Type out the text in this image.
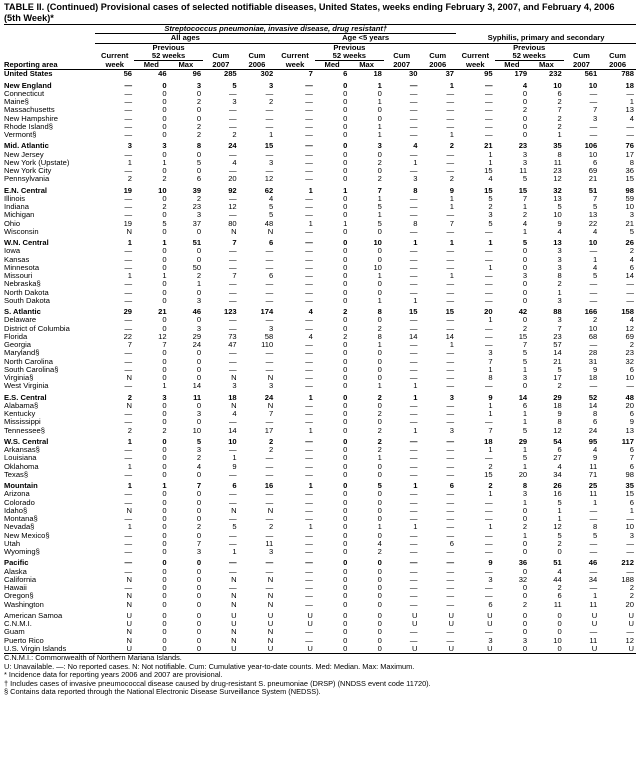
TABLE II. (Continued) Provisional cases of selected notifiable diseases, United States, weeks ending February 3, 2007, and February 4, 2006
(5th Week)*
	Streptococcus pneumoniae, invasive disease, drug resistant†														
	All ages					Age <5 years					Syphilis, primary and secondary				
		Previous					Previous					Previous			
	Current	52 weeks		Cum	Cum	Current	52 weeks		Cum	Cum	Current	52 weeks		Cum	Cum
Reporting area	week	Med	Max	2007	2006	week	Med	Max	2007	2006	week	Med	Max	2007	2006
United States	56	46	96	285	302	7	6	18	30	37	95	179	232	561	788
New England	—	0	3	5	3	—	0	1	—	1	—	4	10	10	18
Connecticut	—	0	0	—	—	—	0	0	—	—	—	0	6	—	—
Maine§	—	0	2	3	2	—	0	1	—	—	—	0	2	—	1
Massachusetts	—	0	0	—	—	—	0	0	—	—	—	2	7	7	13
New Hampshire	—	0	0	—	—	—	0	0	—	—	—	0	2	3	4
Rhode Island§	—	0	2	—	—	—	0	1	—	—	—	0	2	—	—
Vermont§	—	0	2	2	1	—	0	1	—	1	—	0	1	—	—
Mid. Atlantic	3	3	8	24	15	—	0	3	4	2	21	23	35	106	76
New Jersey	—	0	0	—	—	—	0	0	—	—	1	3	8	10	17
New York (Upstate)	1	1	5	4	3	—	0	2	1	—	1	3	11	6	8
New York City	—	0	0	—	—	—	0	0	—	—	15	11	23	69	36
Pennsylvania	2	2	6	20	12	—	0	2	3	2	4	5	12	21	15
E.N. Central	19	10	39	92	62	1	1	7	8	9	15	15	32	51	98
Illinois	—	0	2	—	4	—	0	1	—	1	5	7	13	7	59
Indiana	—	2	23	12	5	—	0	5	—	1	2	1	5	5	10
Michigan	—	0	3	—	5	—	0	1	—	—	3	2	10	13	3
Ohio	19	5	37	80	48	1	1	5	8	7	5	4	9	22	21
Wisconsin	N	0	0	N	N	—	0	0	—	—	—	1	4	4	5
W.N. Central	1	1	51	7	6	—	0	10	1	1	1	5	13	10	26
Iowa	—	0	0	—	—	—	0	0	—	—	—	0	3	—	2
Kansas	—	0	0	—	—	—	0	0	—	—	—	0	3	1	4
Minnesota	—	0	50	—	—	—	0	10	—	—	1	0	3	4	6
Missouri	1	1	2	7	6	—	0	1	—	1	—	3	8	5	14
Nebraska§	—	0	1	—	—	—	0	0	—	—	—	0	2	—	—
North Dakota	—	0	0	—	—	—	0	0	—	—	—	0	1	—	—
South Dakota	—	0	3	—	—	—	0	1	1	—	—	0	3	—	—
S. Atlantic	29	21	46	123	174	4	2	8	15	15	20	42	88	166	158
Delaware	—	0	0	—	—	—	0	0	—	—	1	0	3	2	4
District of Columbia	—	0	3	—	3	—	0	2	—	—	—	2	7	10	12
Florida	22	12	29	73	58	4	2	8	14	14	—	15	23	68	69
Georgia	7	7	24	47	110	—	0	1	—	1	—	7	57	—	2
Maryland§	—	0	0	—	—	—	0	0	—	—	3	5	14	28	23
North Carolina	—	0	0	—	—	—	0	0	—	—	7	5	21	31	32
South Carolina§	—	0	0	—	—	—	0	0	—	—	1	1	5	9	6
Virginia§	N	0	0	N	N	—	0	0	—	—	8	3	17	18	10
West Virginia	—	1	14	3	3	—	0	1	1	—	—	0	2	—	—
E.S. Central	2	3	11	18	24	1	0	2	1	3	9	14	29	52	48
Alabama§	N	0	0	N	N	—	0	0	—	—	1	6	18	14	20
Kentucky	—	0	3	4	7	—	0	2	—	—	1	1	9	8	6
Mississippi	—	0	0	—	—	—	0	0	—	—	—	1	8	6	9
Tennessee§	2	2	10	14	17	1	0	2	1	3	7	5	12	24	13
W.S. Central	1	0	5	10	2	—	0	2	—	—	18	29	54	95	117
Arkansas§	—	0	3	—	2	—	0	2	—	—	1	1	6	4	6
Louisiana	—	0	2	1	—	—	0	1	—	—	—	5	27	9	7
Oklahoma	1	0	4	9	—	—	0	0	—	—	2	1	4	11	6
Texas§	—	0	0	—	—	—	0	0	—	—	15	20	34	71	98
Mountain	1	1	7	6	16	1	0	5	1	6	2	8	26	25	35
Arizona	—	0	0	—	—	—	0	0	—	—	1	3	16	11	15
Colorado	—	0	0	—	—	—	0	0	—	—	—	1	5	1	6
Idaho§	N	0	0	N	N	—	0	0	—	—	—	0	1	—	1
Montana§	—	0	0	—	—	—	0	0	—	—	—	0	1	—	—
Nevada§	1	0	2	5	2	1	0	1	1	—	1	2	12	8	10
New Mexico§	—	0	0	—	—	—	0	0	—	—	—	1	5	5	3
Utah	—	0	7	—	11	—	0	4	—	6	—	0	2	—	—
Wyoming§	—	0	3	1	3	—	0	2	—	—	—	0	0	—	—
Pacific	—	0	0	—	—	—	0	0	—	—	9	36	51	46	212
Alaska	—	0	0	—	—	—	0	0	—	—	—	0	4	—	—
California	N	0	0	N	N	—	0	0	—	—	3	32	44	34	188
Hawaii	—	0	0	—	—	—	0	0	—	—	—	0	2	—	2
Oregon§	N	0	0	N	N	—	0	0	—	—	—	0	6	1	2
Washington	N	0	0	N	N	—	0	0	—	—	6	2	11	11	20
American Samoa	U	0	0	U	U	U	0	0	U	U	U	0	0	U	U
C.N.M.I.	U	0	0	U	U	U	0	0	U	U	U	0	0	U	U
Guam	N	0	0	N	N	—	0	0	—	—	—	0	0	—	—
Puerto Rico	N	0	0	N	N	—	0	0	—	—	3	3	10	11	12
U.S. Virgin Islands	U	0	0	U	U	U	0	0	U	U	U	0	0	U	U
C.N.M.I.: Commonwealth of Northern Mariana Islands.
U: Unavailable. —: No reported cases. N: Not notifiable. Cum: Cumulative year-to-date counts. Med: Median. Max: Maximum.
* Incidence data for reporting years 2006 and 2007 are provisional.
† Includes cases of invasive pneumococcal disease caused by drug-resistant S. pneumoniae (DRSP) (NNDSS event code 11720).
§ Contains data reported through the National Electronic Disease Surveillance System (NEDSS).
